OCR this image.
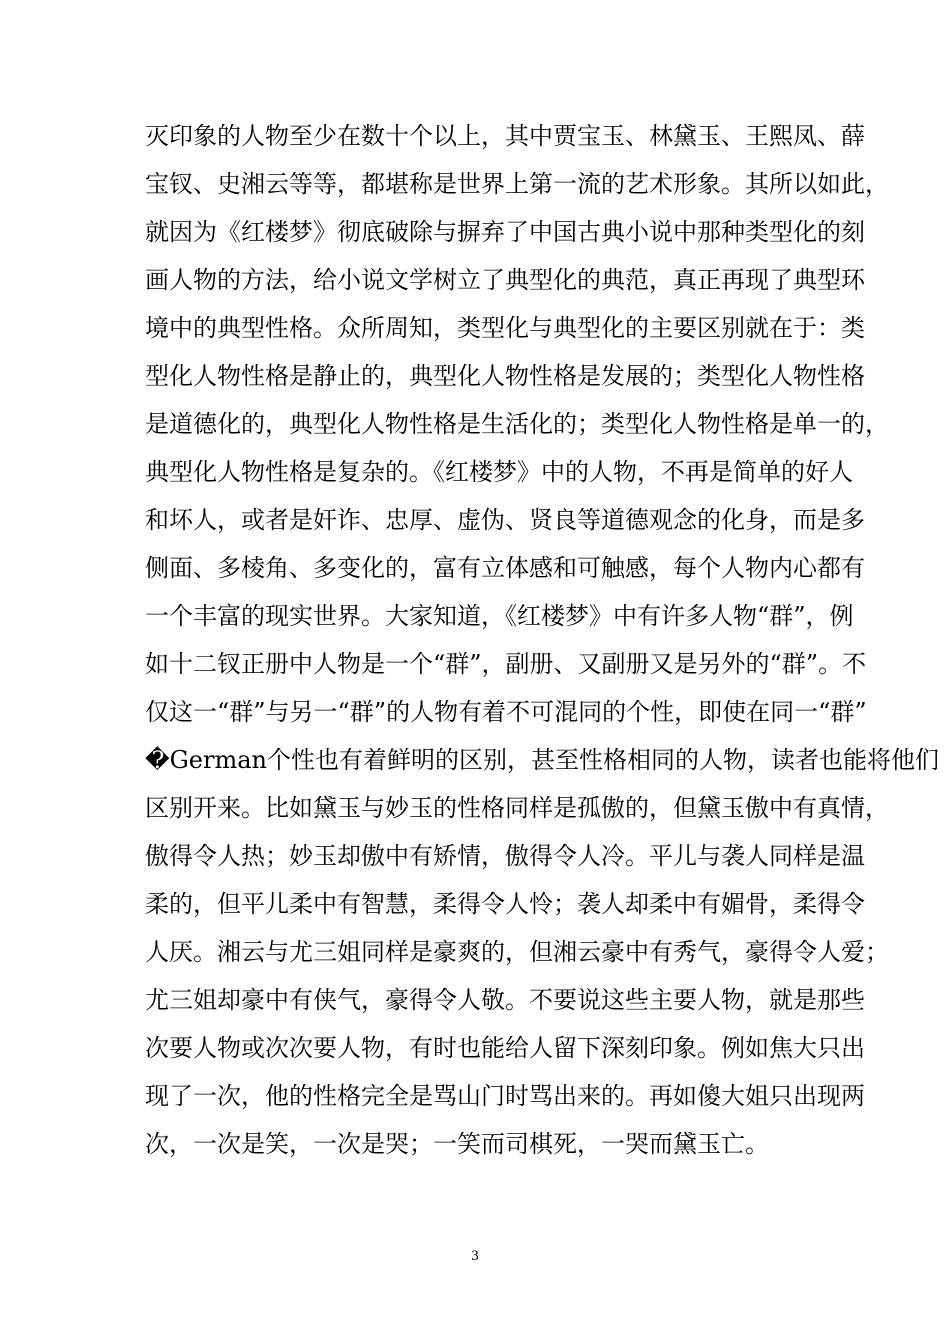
灭印象的人物至少在数十个以上，其中贾宝玉、林黛玉、王熙凤、薛
宝钗、史湘云等等，都堪称是世界上第一流的艺术形象。其所以如此，
就因为《红楼梦》彻底破除与摒弃了中国古典小说中那种类型化的刻
画人物的方法，给小说文学树立了典型化的典范，真正再现了典型环
境中的典型性格。众所周知，类型化与典型化的主要区别就在于：类
型化人物性格是静止的，典型化人物性格是发展的；类型化人物性格
是道德化的，典型化人物性格是生活化的；类型化人物性格是单一的，
典型化人物性格是复杂的。《红楼梦》中的人物，不再是简单的好人
和坏人，或者是奸诈、忠厚、虚伪、贤良等道德观念的化身，而是多
侧面、多棱角、多变化的，富有立体感和可触感，每个人物内心都有
一个丰富的现实世界。大家知道，《红楼梦》中有许多人物“群”，例
如十二钗正册中人物是一个“群”，副册、又副册又是另外的“群”。不
仅这一“群”与另一“群”的人物有着不可混同的个性，即使在同一“群”
�German个性也有着鲜明的区别，甚至性格相同的人物，读者也能将他们
区别开来。比如黛玉与妙玉的性格同样是孤傲的，但黛玉傲中有真情，
傲得令人热；妙玉却傲中有矫情，傲得令人冷。平儿与袭人同样是温
柔的，但平儿柔中有智慧，柔得令人怜；袭人却柔中有媚骨，柔得令
人厌。湘云与尤三姐同样是豪爽的，但湘云豪中有秀气，豪得令人爱；
尤三姐却豪中有侠气，豪得令人敬。不要说这些主要人物，就是那些
次要人物或次次要人物，有时也能给人留下深刻印象。例如焦大只出
现了一次，他的性格完全是骂山门时骂出来的。再如傻大姐只出现两
次，一次是笑，一次是哭；一笑而司棋死，一哭而黛玉亡。
3
